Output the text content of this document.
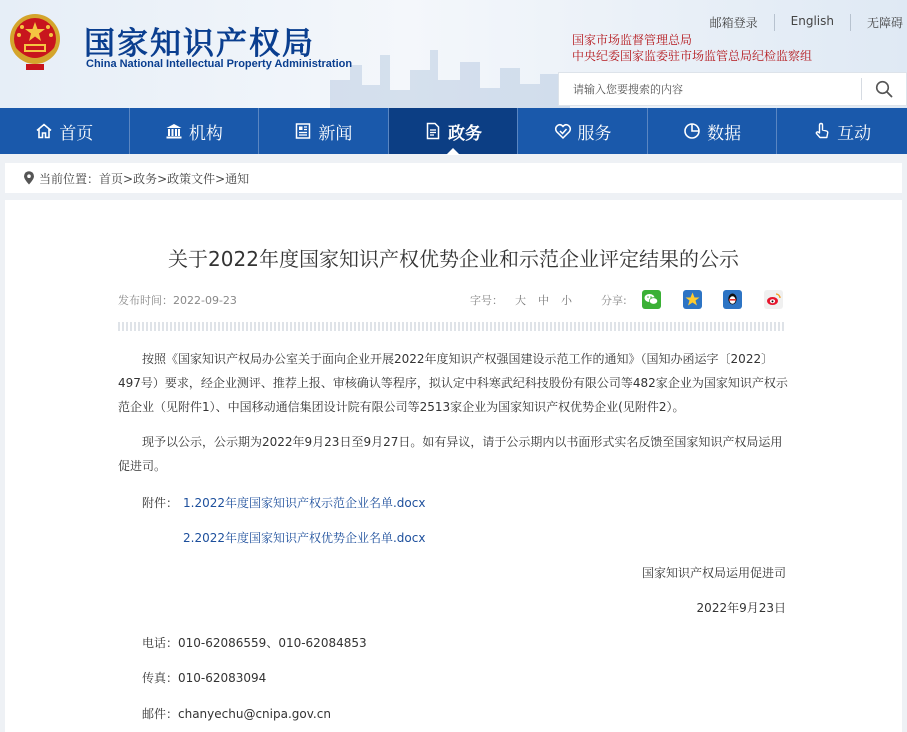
国家知识产权局
China National Intellectual Property Administration
邮箱登录	English	无障碍
国家市场监督管理总局
中央纪委国家监委驻市场监管总局纪检监察组
请输入您要搜索的内容
首页	机构	新闻	政务	服务	数据	互动
当前位置： 首页>政务>政策文件>通知
关于2022年度国家知识产权优势企业和示范企业评定结果的公示
发布时间：2022-09-23	字号： 大 中 小	分享:
按照《国家知识产权局办公室关于面向企业开展2022年度知识产权强国建设示范工作的通知》（国知办函运字〔2022〕497号）要求，经企业测评、推荐上报、审核确认等程序，拟认定中科寒武纪科技股份有限公司等482家企业为国家知识产权示范企业（见附件1）、中国移动通信集团设计院有限公司等2513家企业为国家知识产权优势企业(见附件2）。
现予以公示，公示期为2022年9月23日至9月27日。如有异议，请于公示期内以书面形式实名反馈至国家知识产权局运用促进司。
附件： 1.2022年度国家知识产权示范企业名单.docx
2.2022年度国家知识产权优势企业名单.docx
国家知识产权局运用促进司
2022年9月23日
电话：010-62086559、010-62084853
传真：010-62083094
邮件：chanyechu@cnipa.gov.cn
